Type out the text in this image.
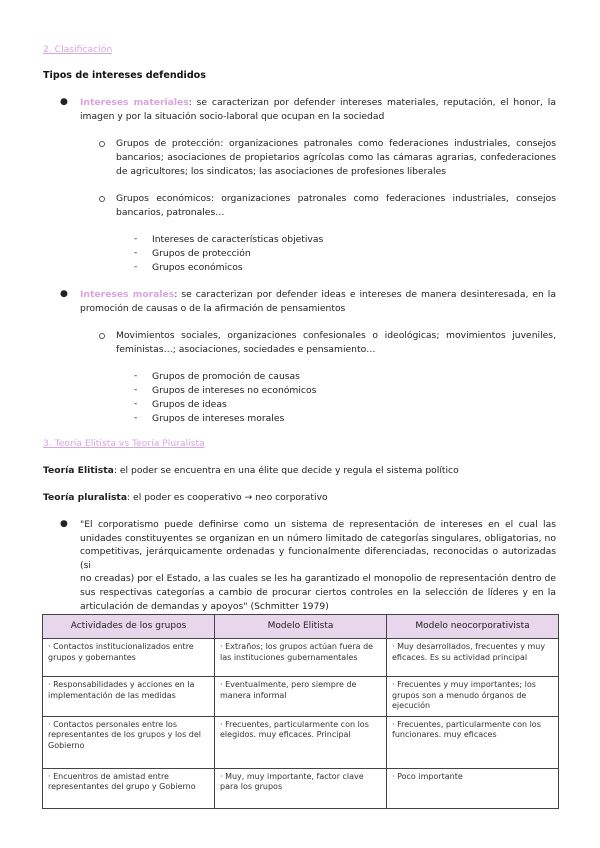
2. Clasificación
Tipos de intereses defendidos
● Intereses materiales: se caracterizan por defender intereses materiales, reputación, el honor, la
imagen y por la situación socio-laboral que ocupan en la sociedad
Grupos de protección: organizaciones patronales como federaciones industriales, consejos
bancarios; asociaciones de propietarios agrícolas como las cámaras agrarias, confederaciones
de agricultores; los sindicatos; las asociaciones de profesiones liberales
Grupos económicos: organizaciones patronales como federaciones industriales, consejos
bancarios, patronales…
- Intereses de características objetivas
- Grupos de protección
- Grupos económicos
● Intereses morales: se caracterizan por defender ideas e intereses de manera desinteresada, en la
promoción de causas o de la afirmación de pensamientos
Movimientos sociales, organizaciones confesionales o ideológicas; movimientos juveniles,
feministas…; asociaciones, sociedades e pensamiento…
- Grupos de promoción de causas
- Grupos de intereses no económicos
- Grupos de ideas
- Grupos de intereses morales
3. Teoría Elitista vs Teoría Pluralista
Teoría Elitista: el poder se encuentra en una élite que decide y regula el sistema político
Teoría pluralista: el poder es cooperativo → neo corporativo
● "El corporatismo puede definirse como un sistema de representación de intereses en el cual las
unidades constituyentes se organizan en un número limitado de categorías singulares, obligatorias, no
competitivas, jerárquicamente ordenadas y funcionalmente diferenciadas, reconocidas o autorizadas (si
no creadas) por el Estado, a las cuales se les ha garantizado el monopolio de representación dentro de
sus respectivas categorías a cambio de procurar ciertos controles en la selección de líderes y en la
articulación de demandas y apoyos" (Schmitter 1979)
Actividades de los grupos	Modelo Elitista	Modelo neocorporativista
· Contactos institucionalizados entre grupos y gobernantes	· Extraños; los grupos actúan fuera de las instituciones gubernamentales	· Muy desarrollados, frecuentes y muy eficaces. Es su actividad principal
· Responsabilidades y acciones en la implementación de las medidas	· Eventualmente, pero siempre de manera informal	· Frecuentes y muy importantes; los grupos son a menudo órganos de ejecución
· Contactos personales entre los representantes de los grupos y los del Gobierno	· Frecuentes, particularmente con los elegidos. muy eficaces. Principal	· Frecuentes, particularmente con los funcionares. muy eficaces
· Encuentros de amistad entre representantes del grupo y Gobierno	· Muy, muy importante, factor clave para los grupos	· Poco importante
